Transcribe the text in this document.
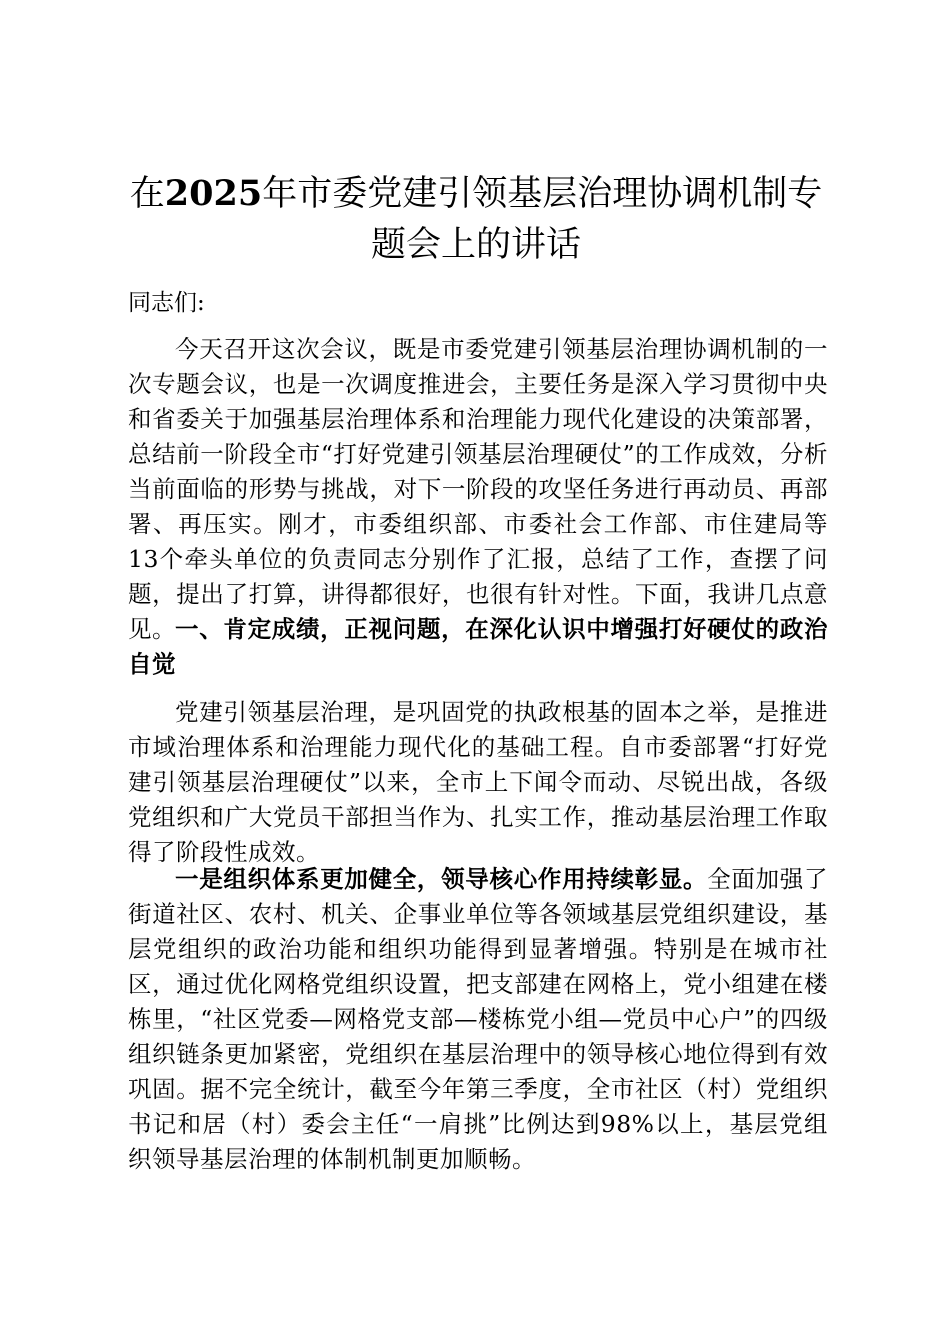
在2025年市委党建引领基层治理协调机制专题会上的讲话

同志们:

今天召开这次会议，既是市委党建引领基层治理协调机制的一次专题会议，也是一次调度推进会，主要任务是深入学习贯彻中央和省委关于加强基层治理体系和治理能力现代化建设的决策部署，总结前一阶段全市“打好党建引领基层治理硬仗”的工作成效，分析当前面临的形势与挑战，对下一阶段的攻坚任务进行再动员、再部署、再压实。刚才，市委组织部、市委社会工作部、市住建局等13个牵头单位的负责同志分别作了汇报，总结了工作，查摆了问题，提出了打算，讲得都很好，也很有针对性。下面，我讲几点意见。 一、肯定成绩，正视问题，在深化认识中增强打好硬仗的政治自觉

党建引领基层治理，是巩固党的执政根基的固本之举，是推进市域治理体系和治理能力现代化的基础工程。自市委部署“打好党建引领基层治理硬仗”以来，全市上下闻令而动、尽锐出战，各级党组织和广大党员干部担当作为、扎实工作，推动基层治理工作取得了阶段性成效。

一是组织体系更加健全，领导核心作用持续彰显。全面加强了街道社区、农村、机关、企事业单位等各领域基层党组织建设，基层党组织的政治功能和组织功能得到显著增强。特别是在城市社区，通过优化网格党组织设置，把支部建在网格上，党小组建在楼栋里，“社区党委—网格党支部—楼栋党小组—党员中心户”的四级组织链条更加紧密，党组织在基层治理中的领导核心地位得到有效巩固。据不完全统计，截至今年第三季度，全市社区（村）党组织书记和居（村）委会主任“一肩挑”比例达到98%以上，基层党组织领导基层治理的体制机制更加顺畅。
